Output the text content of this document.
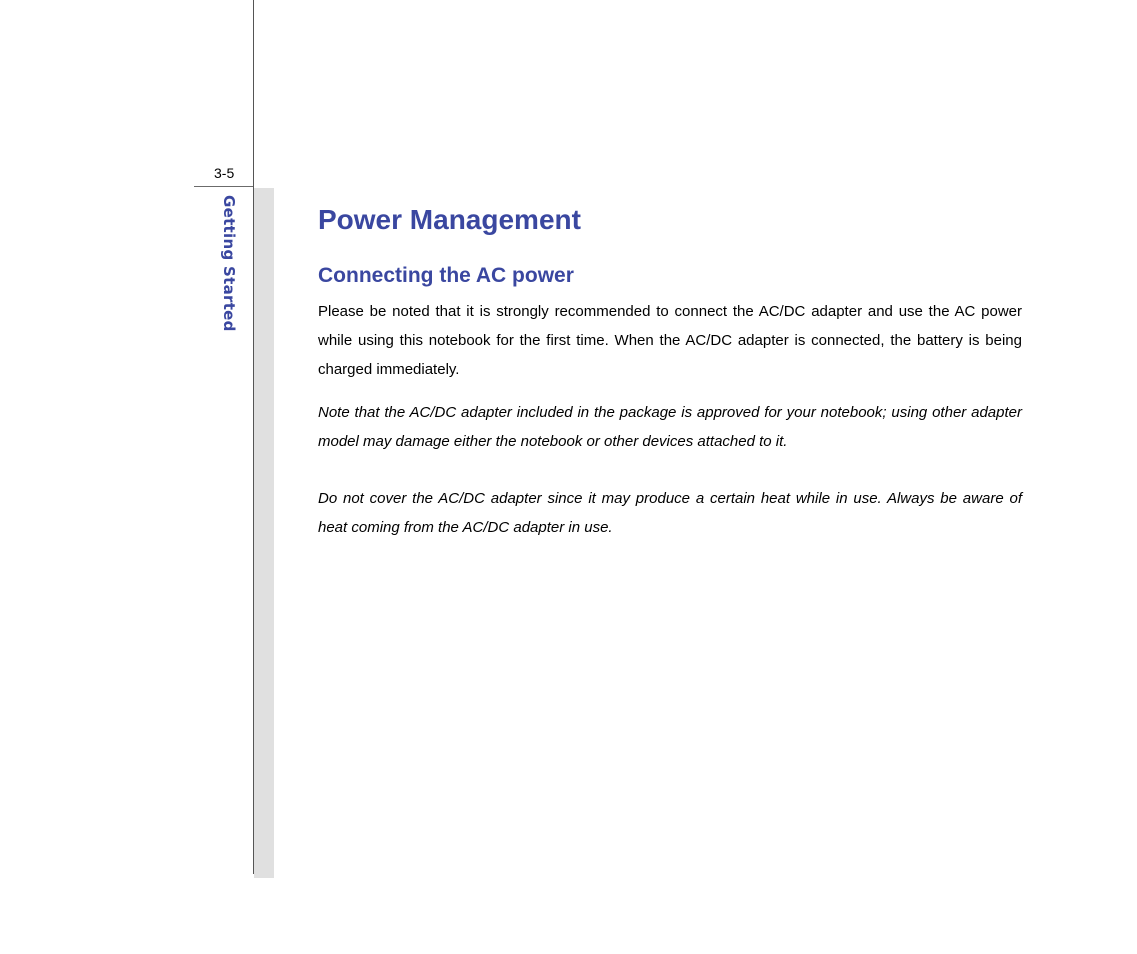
3-5
Getting Started	Power Management
Connecting the AC power

Please be noted that it is strongly recommended to connect the AC/DC adapter and use the AC power while using this notebook for the first time. When the AC/DC adapter is connected, the battery is being charged immediately.

Note that the AC/DC adapter included in the package is approved for your notebook; using other adapter model may damage either the notebook or other devices attached to it.

Do not cover the AC/DC adapter since it may produce a certain heat while in use. Always be aware of heat coming from the AC/DC adapter in use.
